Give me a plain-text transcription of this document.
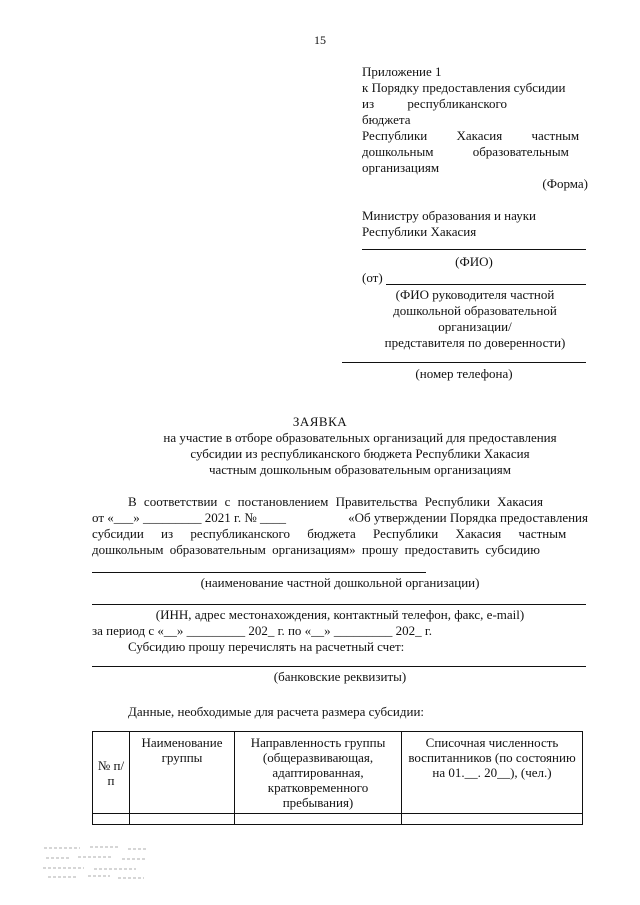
15
Приложение 1
к Порядку предоставления субсидии
из республиканского бюджета
Республики Хакасия частным
дошкольным образовательным
организациям
(Форма)
Министру образования и науки
Республики Хакасия
(ФИО)
(от)
(ФИО руководителя частной
дошкольной образовательной
организации/
представителя по доверенности)
(номер телефона)
ЗАЯВКА
на участие в отборе образовательных организаций для предоставления
субсидии из республиканского бюджета Республики Хакасия
частным дошкольным образовательным организациям
В соответствии с постановлением Правительства Республики Хакасия
от «___» _________ 2021 г. № ____	«Об утверждении Порядка предоставления
субсидии из республиканского бюджета Республики Хакасия частным
дошкольным образовательным организациям» прошу предоставить субсидию
(наименование частной дошкольной организации)
(ИНН, адрес местонахождения, контактный телефон, факс, e-mail)
за период с «__» _________ 202_ г. по «__» _________ 202_ г.
Субсидию прошу перечислять на расчетный счет:
(банковские реквизиты)
Данные, необходимые для расчета размера субсидии:
№ п/п	Наименование группы	Направленность группы (общеразвивающая, адаптированная, кратковременного пребывания)	Списочная численность воспитанников (по состоянию на 01.__. 20__), (чел.)
